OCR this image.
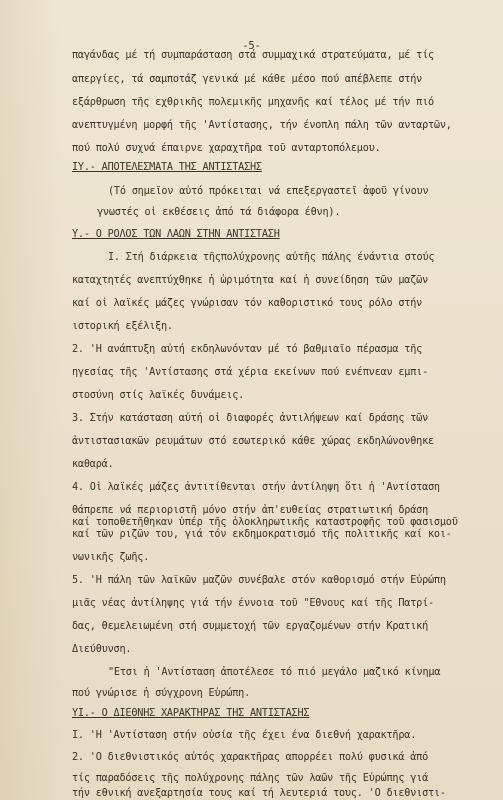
-5-
παγάνδας μέ τή συμπαράσταση στά συμμαχικά στρατεύματα, μέ τίς
απεργίες, τά σαμποτάζ γενικά μέ κάθε μέσο πού απέβλεπε στήν
εξάρθρωση τῆς εχθρικῆς πολεμικῆς μηχανῆς καί τέλος μέ τήν πιό
ανεπτυγμένη μορφή τῆς 'Αντίστασης, τήν ένοπλη πάλη τῶν ανταρτῶν,
πού πολύ συχνά έπαιρνε χαραχτῆρα τοῦ ανταρτοπόλεμου.
IY.- ΑΠΟΤΕΛΕΣΜΑΤΑ ΤΗΣ ΑΝΤΙΣΤΑΣΗΣ
(Τό σημεῖον αὐτό πρόκειται νά επεξεργαστεῖ ἀφοῦ γίνουν
γνωστές οἱ εκθέσεις ἀπό τά διάφορα έθνη).
Y.- Ο ΡΟΛΟΣ ΤΩΝ ΛΑΩΝ ΣΤΗΝ ΑΝΤΙΣΤΑΣΗ
I. Στή διάρκεια τῆςπολύχρονης αὐτῆς πάλης ένάντια στούς
καταχτητές ανεπτύχθηκε ἡ ὡριμότητα καί ἡ συνείδηση τῶν μαζῶν
καί οἱ λαϊκές μάζες γνώρισαν τόν καθοριστικό τους ρόλο στήν
ιστορική εξέλιξη.
2. 'Η ανάπτυξη αὐτή εκδηλωνόνταν μέ τό βαθμιαῖο πέρασμα τῆς
ηγεσίας τῆς 'Αντίστασης στά χέρια εκείνων πού ενέπνεαν εμπι-
στοσύνη στίς λαϊκές δυνάμεις.
3. Στήν κατάσταση αὐτή οἱ διαφορές ἀντιλήψεων καί δράσης τῶν
ἀντιστασιακῶν ρευμάτων στό εσωτερικό κάθε χώρας εκδηλώνονθηκε
καθαρά.
4. Οἱ λαϊκές μάζες ἀντιτίθενται στήν ἀντίληψη ὅτι ἡ 'Αντίσταση
θάπρεπε νά περιοριστῆ μόνο στήν ἀπ'ευθείας στρατιωτική δράση
καί τοποθετῆθηκαν ὑπέρ τῆς ὁλοκληρωτικῆς καταστροφῆς τοῦ φασισμοῦ
καί τῶν ριζῶν του, γιά τόν εκδημοκρατισμό τῆς πολιτικῆς καί κοι-
νωνικῆς ζωῆς.
5. 'Η πάλη τῶν λαϊκῶν μαζῶν συνέβαλε στόν καθορισμό στήν Εὐρώπη
μιᾶς νέας ἀντίληψης γιά τήν έννοια τοῦ "Εθνους καί τῆς Πατρί-
δας, θεμελειωμένη στή συμμετοχή τῶν εργαζομένων στήν Κρατική
Διεύθυνση.
"Ετσι ἡ 'Αντίσταση ἀποτέλεσε τό πιό μεγάλο μαζικό κίνημα
πού γνώρισε ἡ σύγχρονη Εὐρώπη.
YI.- Ο ΔΙΕΘΝΗΣ ΧΑΡΑΚΤΗΡΑΣ ΤΗΣ ΑΝΤΙΣΤΑΣΗΣ
I. 'Η 'Αντίσταση στήν οὐσία τῆς έχει ένα διεθνή χαρακτῆρα.
2. 'Ο διεθνιστικός αὐτός χαρακτῆρας απορρέει πολύ φυσικά ἀπό
τίς παραδόσεις τῆς πολύχρονης πάλης τῶν λαῶν τῆς Εὐρώπης γιά
τήν εθνική ανεξαρτησία τους καί τή λευτεριά τους. 'Ο διεθνιστι-
